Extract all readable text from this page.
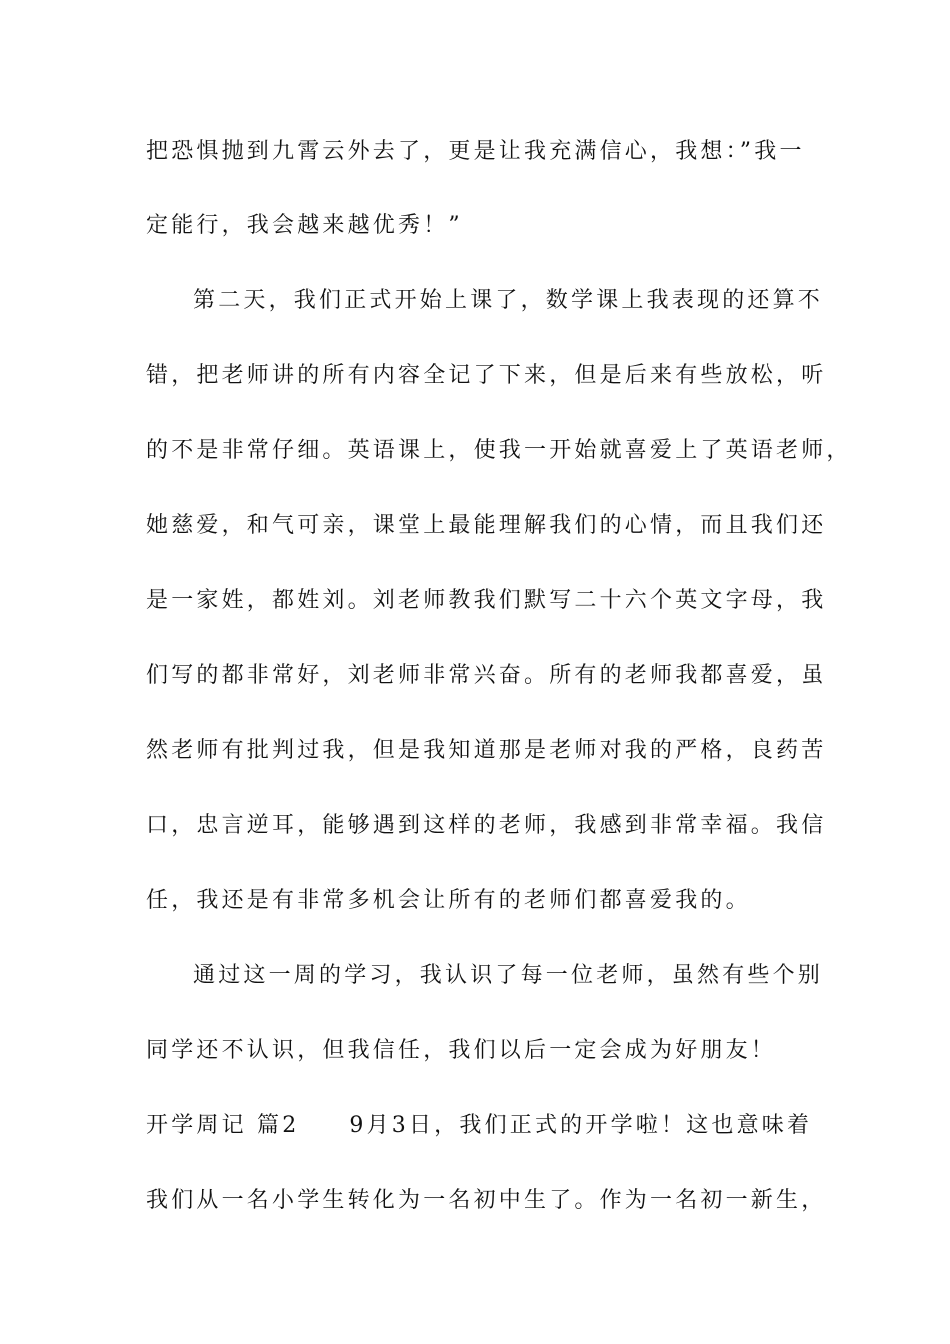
把恐惧抛到九霄云外去了，更是让我充满信心，我想：”我一
定能行，我会越来越优秀！”
第二天，我们正式开始上课了，数学课上我表现的还算不
错，把老师讲的所有内容全记了下来，但是后来有些放松，听
的不是非常仔细。英语课上，使我一开始就喜爱上了英语老师，
她慈爱，和气可亲，课堂上最能理解我们的心情，而且我们还
是一家姓，都姓刘。刘老师教我们默写二十六个英文字母，我
们写的都非常好，刘老师非常兴奋。所有的老师我都喜爱，虽
然老师有批判过我，但是我知道那是老师对我的严格，良药苦
口，忠言逆耳，能够遇到这样的老师，我感到非常幸福。我信
任，我还是有非常多机会让所有的老师们都喜爱我的。
通过这一周的学习，我认识了每一位老师，虽然有些个别
同学还不认识，但我信任，我们以后一定会成为好朋友！
开学周记 篇2 9月3日，我们正式的开学啦！这也意味着
我们从一名小学生转化为一名初中生了。作为一名初一新生，
